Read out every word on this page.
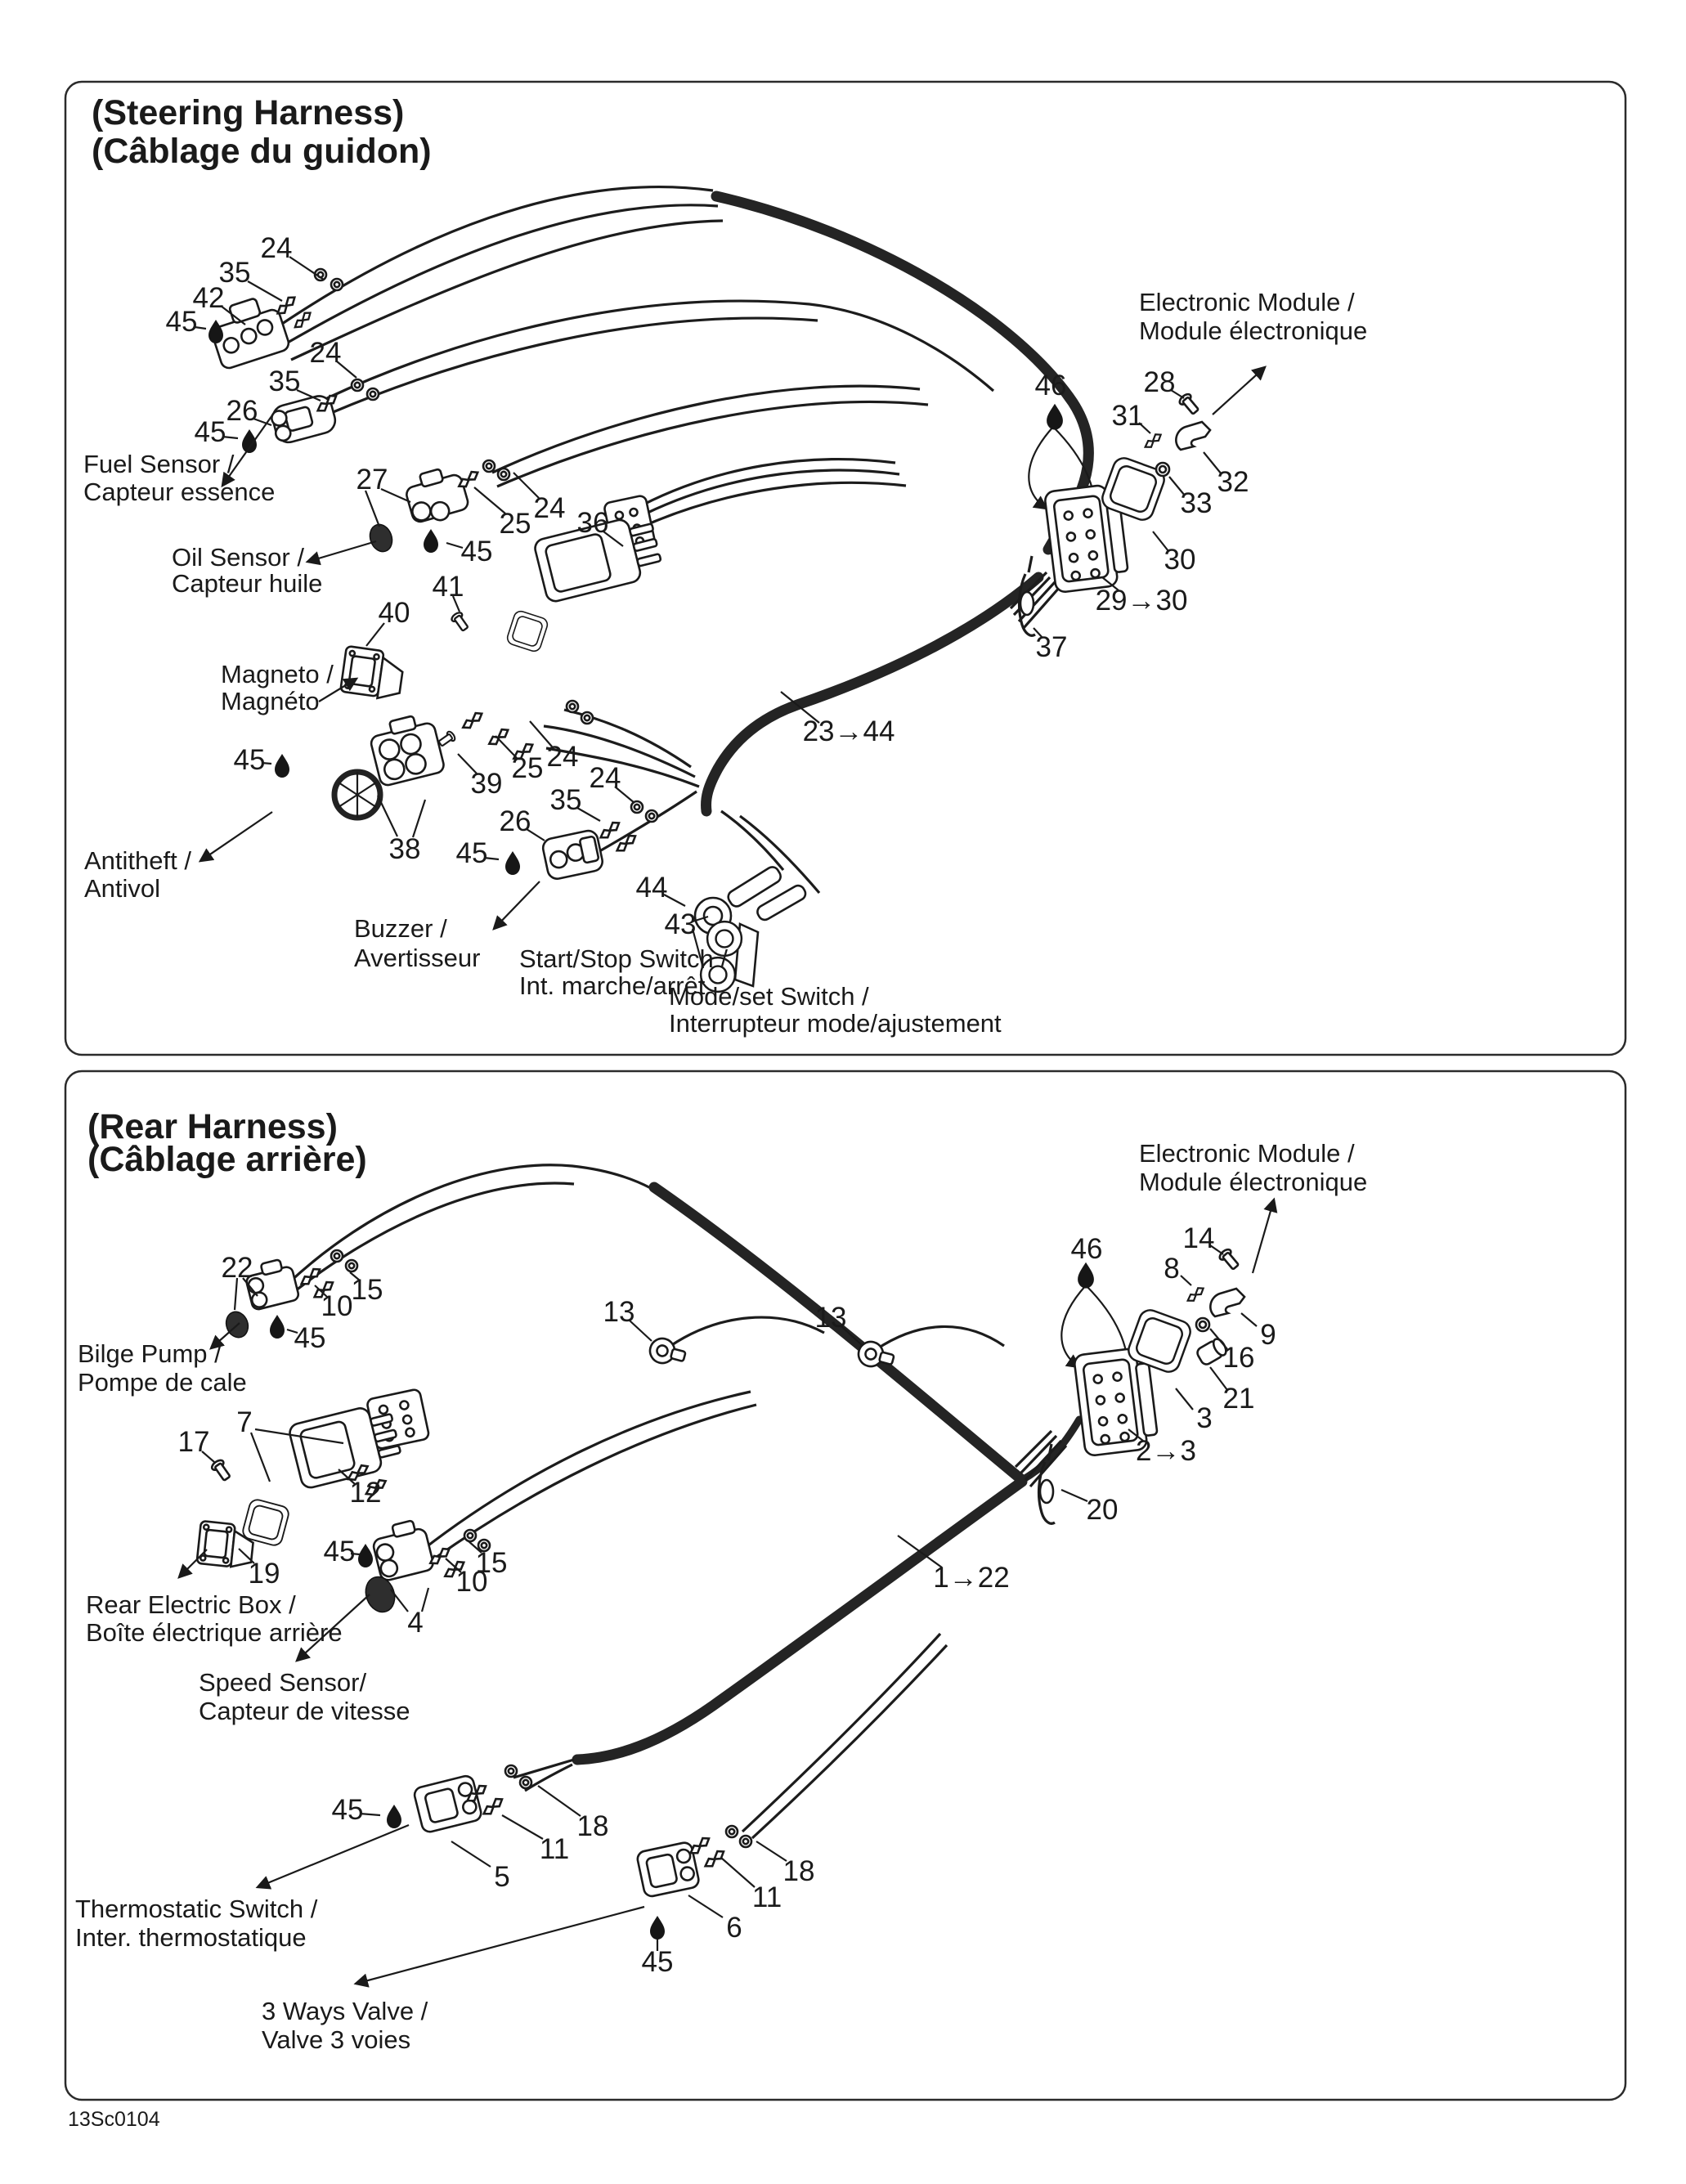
(Steering Harness)
(Câblage du guidon)
Electronic Module /
Module électronique
Fuel Sensor /
Capteur essence
Oil Sensor /
Capteur huile
Magneto /
Magnéto
Antitheft /
Antivol
Buzzer /
Avertisseur Start/Stop Switch /
Int. marche/arrêt
Mode/set Switch /
Interrupteur mode/ajustement
24
35
42
45
24
35
26
45
27
25 24 36
45
41
40
46	28
31
32
33
30
29→30
37
23→44
45
38
39 25 24
24
35
26
45
44
43
(Rear Harness)
(Câblage arrière)	Electronic Module /
Module électronique
Bilge Pump /
Pompe de cale
Rear Electric Box /
Boîte électrique arrière
Speed Sensor/
Capteur de vitesse
Thermostatic Switch /
Inter. thermostatique
3 Ways Valve /
Valve 3 voies
22
15
10
45
13	13
17
7
12
19
45	15
10
4
46	14
8
9
16
21
3
2→3
20
1→22
45
5
11
18
18
11
6
45
13Sc0104
